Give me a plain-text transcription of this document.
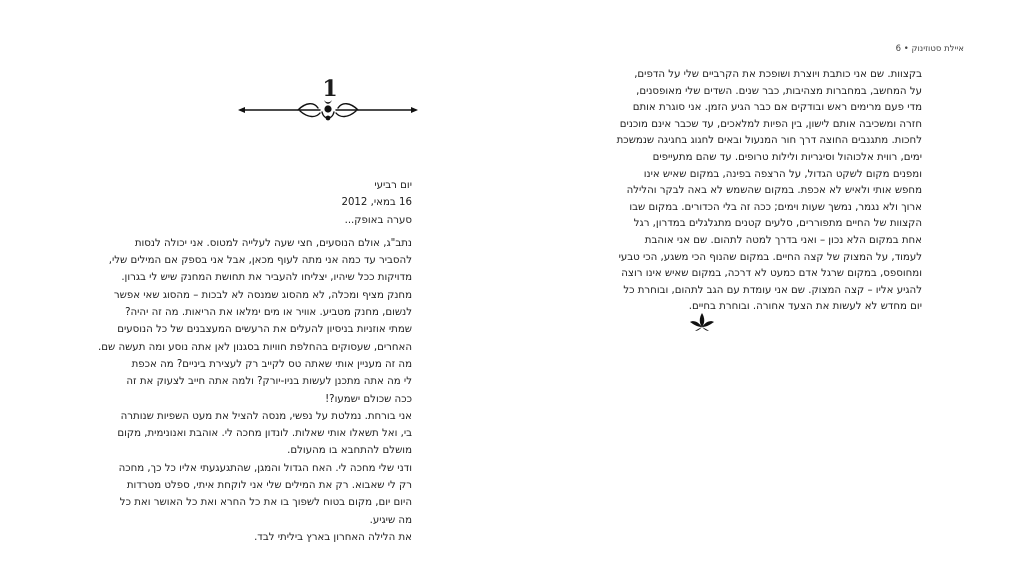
1

יום רביעי

16 במאי, 2012

סערה באופק...

נתב"ג, אולם הנוסעים, חצי שעה לעלייה למטוס. אני יכולה לנסות

להסביר עד כמה אני מתה לעוף מכאן, אבל אני בספק אם המילים שלי,

מדויקות ככל שיהיו, יצליחו להעביר את תחושת המחנק שיש לי בגרון.

מחנק מציף ומכלה, לא מהסוג שמנסה לא לבכות – מהסוג שאי אפשר

לנשום, מחנק מטביע. אוויר או מים ימלאו את הריאות. מה זה יהיה?

שמתי אוזניות בניסיון להעלים את הרעשים המעצבנים של כל הנוסעים

האחרים, שעסוקים בהחלפת חוויות בסגנון לאן אתה נוסע ומה תעשה שם.

מה זה מעניין אותי שאתה טס לקייב רק לעצירת ביניים? מה אכפת

לי מה אתה מתכנן לעשות בניו-יורק? ולמה אתה חייב לצעוק את זה

ככה שכולם ישמעו?!

אני בורחת. נמלטת על נפשי, מנסה להציל את מעט השפיות שנותרה

בי, ואל תשאלו אותי שאלות. לונדון מחכה לי. אוהבת ואנונימית, מקום

מושלם להתחבא בו מהעולם.

ודני שלי מחכה לי. האח הגדול והמגן, שהתגעגעתי אליו כל כך, מחכה

רק לי שאבוא. רק את המילים שלי אני לוקחת איתי, ספלט מטרדות

היום יום, מקום בטוח לשפוך בו את כל החרא ואת כל האושר ואת כל

מה שיגיע.

את הלילה האחרון בארץ ביליתי לבד.

איילת סטוזינוק • 6

בקצוות. שם אני כותבת ויוצרת ושופכת את הקרביים שלי על הדפים,

על המחשב, במחברות מצהיבות, כבר שנים. השדים שלי מאופסנים,

מדי פעם מרימים ראש ובודקים אם כבר הגיע הזמן. אני סוגרת אותם

חזרה ומשכיבה אותם לישון, בין הפיות למלאכים, עד שכבר אינם מוכנים

לחכות. מתגנבים החוצה דרך חור המנעול ובאים לחגוג בחגיגה שנמשכת

ימים, רווית אלכוהול וסיגריות ולילות טרופים. עד שהם מתעייפים

ומפנים מקום לשקט הגדול, על הרצפה בפינה, במקום שאיש אינו

מחפש אותי ולאיש לא אכפת. במקום שהשמש לא באה לבקר והלילה

ארוך ולא נגמר, נמשך שעות וימים; ככה זה בלי הכדורים. במקום שבו

הקצוות של החיים מתפוררים, סלעים קטנים מתגלגלים במדרון, רגל

אחת במקום הלא נכון – ואני בדרך למטה לתהום. שם אני אוהבת

לעמוד, על המצוק של קצה החיים. במקום שהנוף הכי משגע, הכי טבעי

ומחוספס, במקום שרגל אדם כמעט לא דרכה, במקום שאיש אינו רוצה

להגיע אליו – קצה המצוק. שם אני עומדת עם הגב לתהום, ובוחרת כל

יום מחדש לא לעשות את הצעד אחורה. ובוחרת בחיים.
